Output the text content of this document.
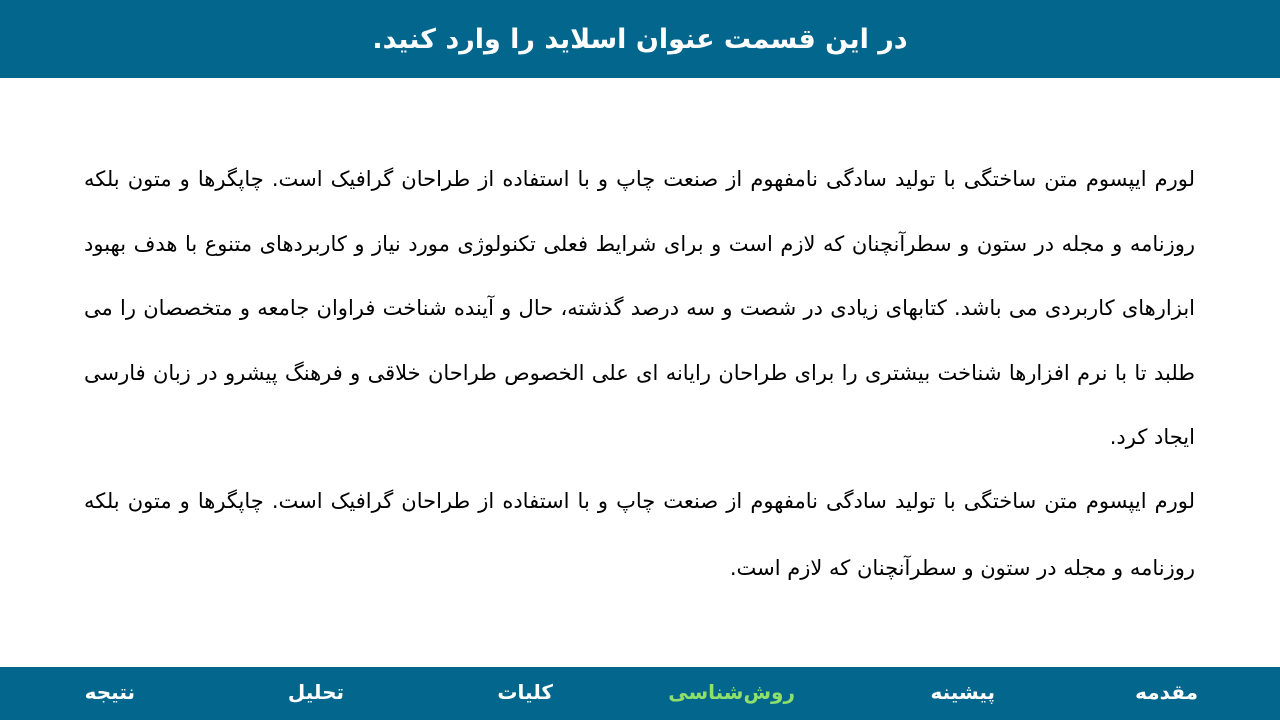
در این قسمت عنوان اسلاید را وارد کنید.

لورم ایپسوم متن ساختگی با تولید سادگی نامفهوم از صنعت چاپ و با استفاده از طراحان گرافیک است. چاپگرها و متون بلکه روزنامه و مجله در ستون و سطرآنچنان که لازم است و برای شرایط فعلی تکنولوژی مورد نیاز و کاربردهای متنوع با هدف بهبود ابزارهای کاربردی می باشد. کتابهای زیادی در شصت و سه درصد گذشته، حال و آینده شناخت فراوان جامعه و متخصصان را می طلبد تا با نرم افزارها شناخت بیشتری را برای طراحان رایانه ای علی الخصوص طراحان خلاقی و فرهنگ پیشرو در زبان فارسی ایجاد کرد.

لورم ایپسوم متن ساختگی با تولید سادگی نامفهوم از صنعت چاپ و با استفاده از طراحان گرافیک است. چاپگرها و متون بلکه روزنامه و مجله در ستون و سطرآنچنان که لازم است.

مقدمه
پیشینه
روش‌شناسی
کلیات
تحلیل
نتیجه
